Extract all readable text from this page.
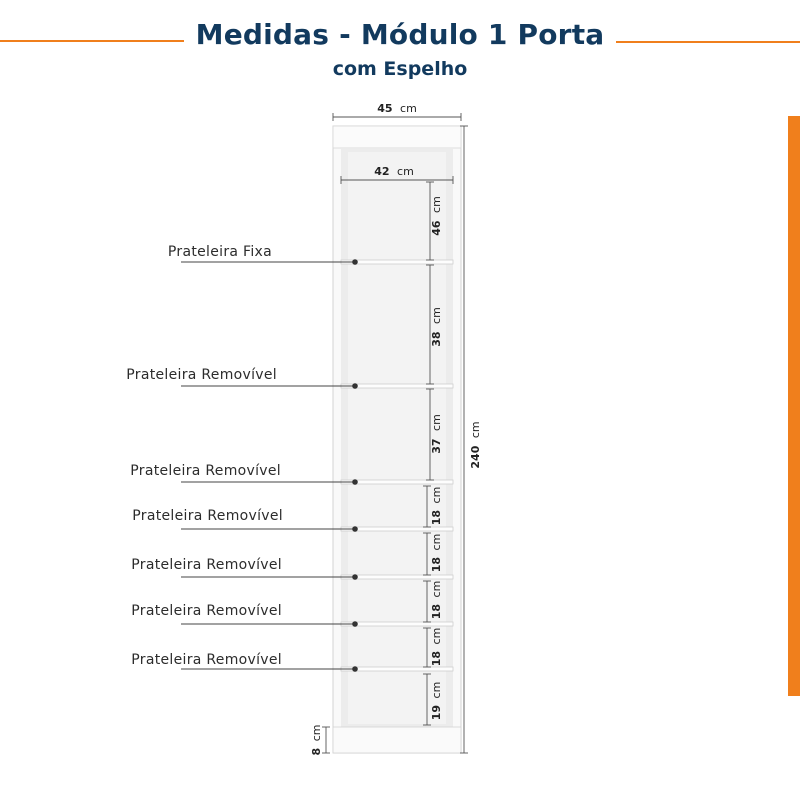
Medidas - Módulo 1 Porta
com Espelho
Prateleira Fixa
Prateleira Removível
Prateleira Removível
Prateleira Removível
Prateleira Removível
Prateleira Removível
Prateleira Removível
45 cm
42 cm
240 cm
8 cm
46 cm
38 cm
37 cm
18 cm
18 cm
18 cm
18 cm
19 cm
